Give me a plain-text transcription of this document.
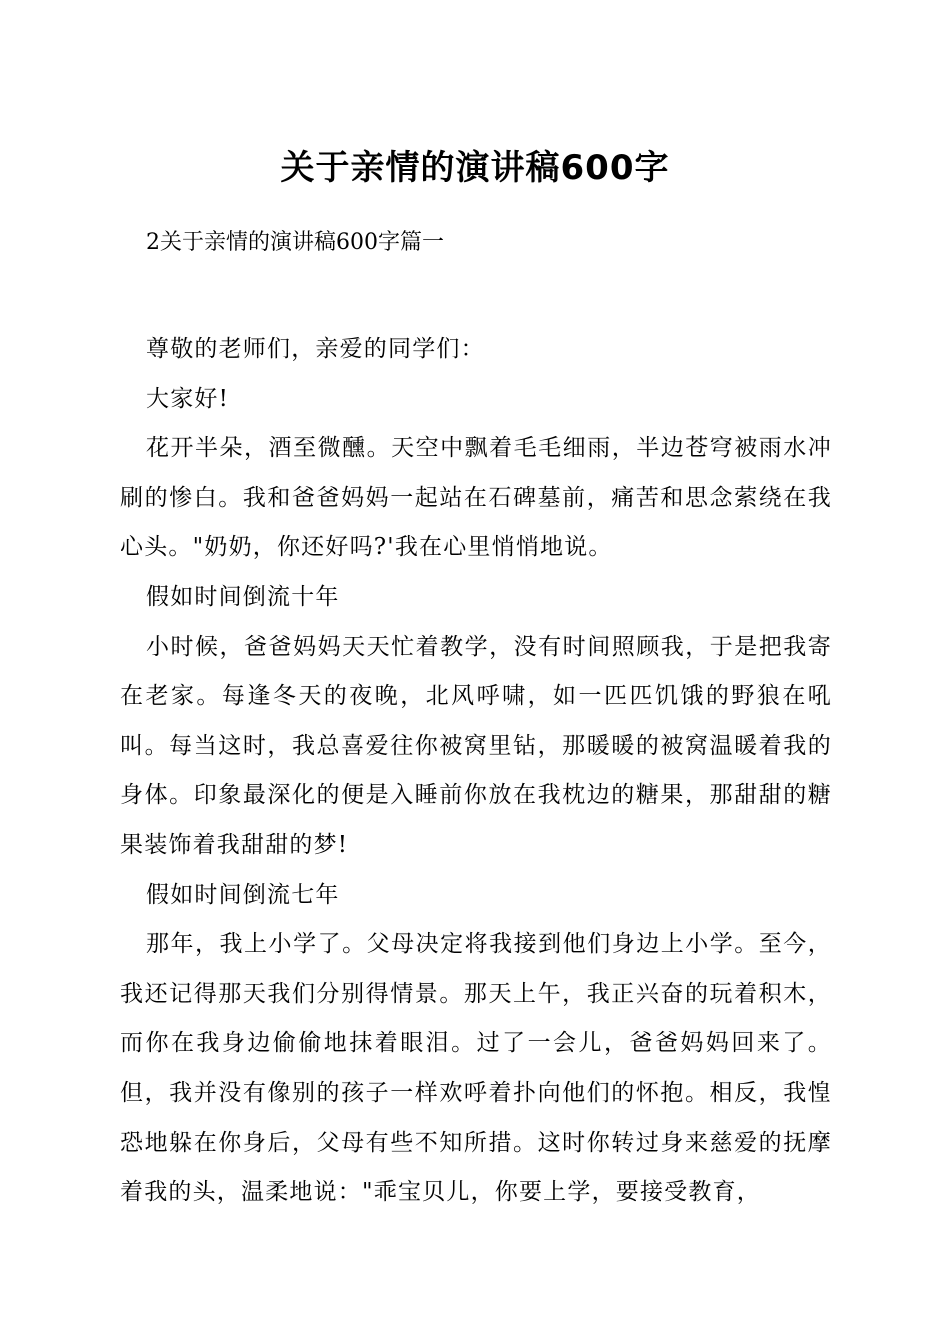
关于亲情的演讲稿600字
2关于亲情的演讲稿600字篇一

尊敬的老师们，亲爱的同学们：

大家好!

花开半朵，酒至微醺。天空中飘着毛毛细雨，半边苍穹被雨水冲刷的惨白。我和爸爸妈妈一起站在石碑墓前，痛苦和思念萦绕在我心头。"奶奶，你还好吗?'我在心里悄悄地说。

假如时间倒流十年

小时候，爸爸妈妈天天忙着教学，没有时间照顾我，于是把我寄在老家。每逢冬天的夜晚，北风呼啸，如一匹匹饥饿的野狼在吼叫。每当这时，我总喜爱往你被窝里钻，那暖暖的被窝温暖着我的身体。印象最深化的便是入睡前你放在我枕边的糖果，那甜甜的糖果装饰着我甜甜的梦!

假如时间倒流七年

那年，我上小学了。父母决定将我接到他们身边上小学。至今，我还记得那天我们分别得情景。那天上午，我正兴奋的玩着积木，而你在我身边偷偷地抹着眼泪。过了一会儿，爸爸妈妈回来了。但，我并没有像别的孩子一样欢呼着扑向他们的怀抱。相反，我惶恐地躲在你身后，父母有些不知所措。这时你转过身来慈爱的抚摩着我的头，温柔地说："乖宝贝儿，你要上学，要接受教育，
